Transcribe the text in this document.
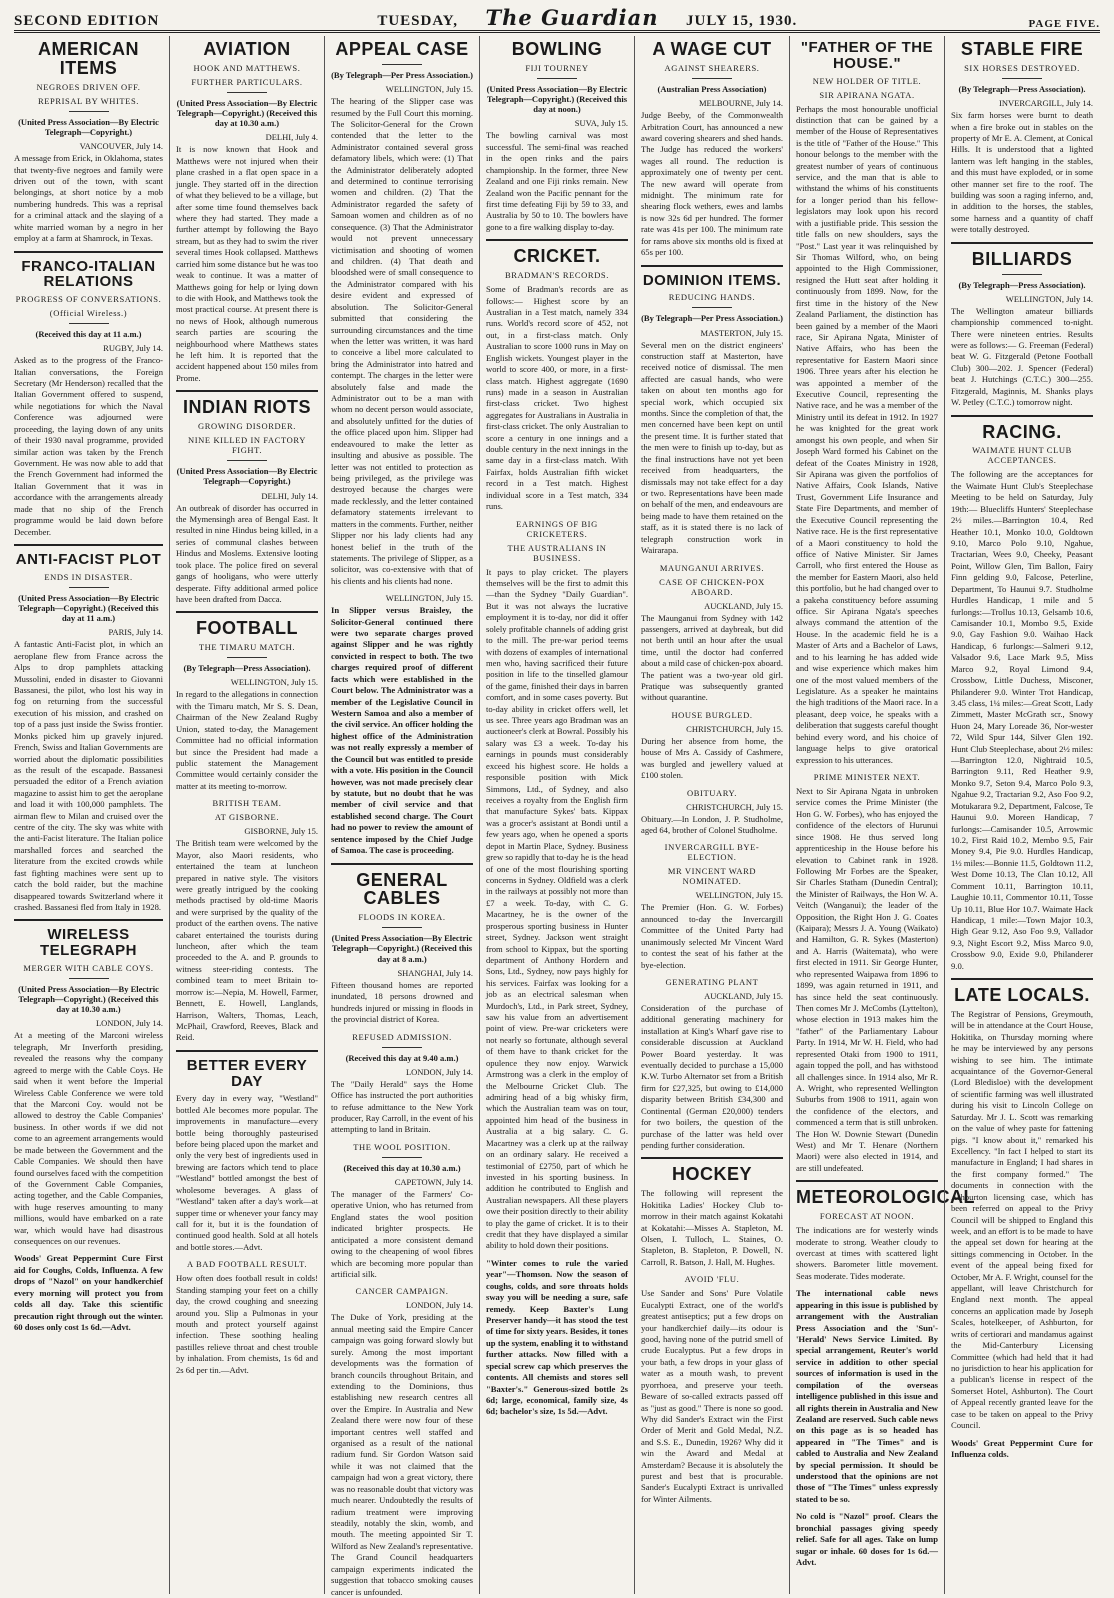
SECOND EDITION	TUESDAY, The Guardian JULY 15, 1930.	PAGE FIVE.
AMERICAN ITEMS
NEGROES DRIVEN OFF.
REPRISAL BY WHITES.
(United Press Association—By Electric Telegraph—Copyright.)
VANCOUVER, July 14.
A message from Erick, in Oklahoma, states that twenty-five negroes and family were driven out of the town, with scant belongings, at short notice by a mob numbering hundreds. This was a reprisal for a criminal attack and the slaying of a white married woman by a negro in her employ at a farm at Shamrock, in Texas.
FRANCO-ITALIAN RELATIONS
PROGRESS OF CONVERSATIONS.
(Official Wireless.)
(Received this day at 11 a.m.)
RUGBY, July 14.
Asked as to the progress of the Franco-Italian conversations, the Foreign Secretary (Mr Henderson) recalled that the Italian Government offered to suspend, while negotiations for which the Naval Conference was adjourned were proceeding, the laying down of any units of their 1930 naval programme, provided similar action was taken by the French Government. He was now able to add that the French Government had informed the Italian Government that it was in accordance with the arrangements already made that no ship of the French programme would be laid down before December.
ANTI-FACIST PLOT
ENDS IN DISASTER.
(United Press Association—By Electric Telegraph—Copyright.) (Received this day at 11 a.m.)
PARIS, July 14.
A fantastic Anti-Facist plot, in which an aeroplane flew from France across the Alps to drop pamphlets attacking Mussolini, ended in disaster to Giovanni Bassanesi, the pilot, who lost his way in fog on returning from the successful execution of his mission, and crashed on top of a pass just inside the Swiss frontier. Monks picked him up gravely injured. French, Swiss and Italian Governments are worried about the diplomatic possibilities as the result of the escapade. Bassanesi persuaded the editor of a French aviation magazine to assist him to get the aeroplane and load it with 100,000 pamphlets. The airman flew to Milan and cruised over the centre of the city. The sky was white with the anti-Facist literature. The Italian police marshalled forces and searched the literature from the excited crowds while fast fighting machines were sent up to catch the bold raider, but the machine disappeared towards Switzerland where it crashed. Bassanesi fled from Italy in 1928.
WIRELESS TELEGRAPH
MERGER WITH CABLE COYS.
(United Press Association—By Electric Telegraph—Copyright.) (Received this day at 10.30 a.m.)
LONDON, July 14.
At a meeting of the Marconi wireless telegraph, Mr Inverforth presiding, revealed the reasons why the company agreed to merge with the Cable Coys. He said when it went before the Imperial Wireless Cable Conference we were told that the Marconi Coy. would not be allowed to destroy the Cable Companies' business. In other words if we did not come to an agreement arrangements would be made between the Government and the Cable Companies. We should then have found ourselves faced with the competition of the Government Cable Companies, acting together, and the Cable Companies, with huge reserves amounting to many millions, would have embarked on a rate war, which would have had disastrous consequences on our revenues.
Woods' Great Peppermint Cure First aid for Coughs, Colds, Influenza. A few drops of "Nazol" on your handkerchief every morning will protect you from colds all day. Take this scientific precaution right through out the winter. 60 doses only cost 1s 6d.—Advt.
AVIATION
HOOK AND MATTHEWS.
FURTHER PARTICULARS.
(United Press Association—By Electric Telegraph—Copyright.) (Received this day at 10.30 a.m.)
DELHI, July 4.
It is now known that Hook and Matthews were not injured when their plane crashed in a flat open space in a jungle. They started off in the direction of what they believed to be a village, but after some time found themselves back where they had started. They made a further attempt by following the Bayo stream, but as they had to swim the river several times Hook collapsed. Matthews carried him some distance but he was too weak to continue. It was a matter of Matthews going for help or lying down to die with Hook, and Matthews took the most practical course. At present there is no news of Hook, although numerous search parties are scouring the neighbourhood where Matthews states he left him. It is reported that the accident happened about 150 miles from Prome.
INDIAN RIOTS
GROWING DISORDER.
NINE KILLED IN FACTORY FIGHT.
(United Press Association—By Electric Telegraph—Copyright.)
DELHI, July 14.
An outbreak of disorder has occurred in the Mymensingh area of Bengal East. It resulted in nine Hindus being killed, in a series of communal clashes between Hindus and Moslems. Extensive looting took place. The police fired on several gangs of hooligans, who were utterly desperate. Fifty additional armed police have been drafted from Dacca.
FOOTBALL
THE TIMARU MATCH.
(By Telegraph—Press Association).
WELLINGTON, July 15.
In regard to the allegations in connection with the Timaru match, Mr S. S. Dean, Chairman of the New Zealand Rugby Union, stated to-day, the Management Committee had no official information but since the President had made a public statement the Management Committee would certainly consider the matter at its meeting to-morrow.
BRITISH TEAM.
AT GISBORNE.
GISBORNE, July 15.
The British team were welcomed by the Mayor, also Maori residents, who entertained the team at luncheon prepared in native style. The visitors were greatly intrigued by the cooking methods practised by old-time Maoris and were surprised by the quality of the product of the earthen ovens. The native cabaret entertained the tourists during luncheon, after which the team proceeded to the A. and P. grounds to witness steer-riding contests. The combined team to meet Britain to-morrow is:—Nepia, M. Howell, Farmer, Bennett, E. Howell, Langlands, Harrison, Walters, Thomas, Leach, McPhail, Crawford, Reeves, Black and Reid.
BETTER EVERY DAY
Every day in every way, "Westland" bottled Ale becomes more popular. The improvements in manufacture—every bottle being thoroughly pasteurised before being placed upon the market and only the very best of ingredients used in brewing are factors which tend to place "Westland" bottled amongst the best of wholesome beverages. A glass of "Westland" taken after a day's work—at supper time or whenever your fancy may call for it, but it is the foundation of continued good health. Sold at all hotels and bottle stores.—Advt.
A BAD FOOTBALL RESULT.
How often does football result in colds! Standing stamping your feet on a chilly day, the crowd coughing and sneezing around you. Slip a Pulmonas in your mouth and protect yourself against infection. These soothing healing pastilles relieve throat and chest trouble by inhalation. From chemists, 1s 6d and 2s 6d per tin.—Advt.
APPEAL CASE
(By Telegraph—Per Press Association.)
WELLINGTON, July 15.
The hearing of the Slipper case was resumed by the Full Court this morning. The Solicitor-General for the Crown contended that the letter to the Administrator contained several gross defamatory libels, which were: (1) That the Administrator deliberately adopted and determined to continue terrorising women and children. (2) That the Administrator regarded the safety of Samoan women and children as of no consequence. (3) That the Administrator would not prevent unnecessary victimisation and shooting of women and children. (4) That death and bloodshed were of small consequence to the Administrator compared with his desire evident and expressed of absolution. The Solicitor-General submitted that considering the surrounding circumstances and the time when the letter was written, it was hard to conceive a libel more calculated to bring the Administrator into hatred and contempt. The charges in the letter were absolutely false and made the Administrator out to be a man with whom no decent person would associate, and absolutely unfitted for the duties of the office placed upon him. Slipper had endeavoured to make the letter as insulting and abusive as possible. The letter was not entitled to protection as being privileged, as the privilege was destroyed because the charges were made recklessly, and the letter contained defamatory statements irrelevant to matters in the comments. Further, neither Slipper nor his lady clients had any honest belief in the truth of the statements. The privilege of Slipper, as a solicitor, was co-extensive with that of his clients and his clients had none.
WELLINGTON, July 15.
In Slipper versus Braisley, the Solicitor-General continued there were two separate charges proved against Slipper and he was rightly convicted in respect to both. The two charges required proof of different facts which were established in the Court below. The Administrator was a member of the Legislative Council in Western Samoa and also a member of the civil service. An officer holding the highest office of the Administration was not really expressly a member of the Council but was entitled to preside with a vote. His position in the Council however, was not made precisely clear by statute, but no doubt that he was member of civil service and that established second charge. The Court had no power to review the amount of sentence imposed by the Chief Judge of Samoa. The case is proceeding.
GENERAL CABLES
FLOODS IN KOREA.
(United Press Association—By Electric Telegraph—Copyright.) (Received this day at 8 a.m.)
SHANGHAI, July 14.
Fifteen thousand homes are reported inundated, 18 persons drowned and hundreds injured or missing in floods in the provincial district of Korea.
REFUSED ADMISSION.
(Received this day at 9.40 a.m.)
LONDON, July 14.
The "Daily Herald" says the Home Office has instructed the port authorities to refuse admittance to the New York producer, Ray Carroll, in the event of his attempting to land in Britain.
THE WOOL POSITION.
(Received this day at 10.30 a.m.)
CAPETOWN, July 14.
The manager of the Farmers' Co-operative Union, who has returned from England states the wool position indicated brighter prospects. He anticipated a more consistent demand owing to the cheapening of wool fibres which are becoming more popular than artificial silk.
CANCER CAMPAIGN.
LONDON, July 14.
The Duke of York, presiding at the annual meeting said the Empire Cancer campaign was going forward slowly but surely. Among the most important developments was the formation of branch councils throughout Britain, and extending to the Dominions, thus establishing new research centres all over the Empire. In Australia and New Zealand there were now four of these important centres well staffed and organised as a result of the national radium fund. Sir Gordon Watson said while it was not claimed that the campaign had won a great victory, there was no reasonable doubt that victory was much nearer. Undoubtedly the results of radium treatment were improving steadily, notably the skin, womb, and mouth. The meeting appointed Sir T. Wilford as New Zealand's representative. The Grand Council headquarters campaign experiments indicated the suggestion that tobacco smoking causes cancer is unfounded.
BOWLING
FIJI TOURNEY
(United Press Association—By Electric Telegraph—Copyright.) (Received this day at noon.)
SUVA, July 15.
The bowling carnival was most successful. The semi-final was reached in the open rinks and the pairs championship. In the former, three New Zealand and one Fiji rinks remain. New Zealand won the Pacific pennant for the first time defeating Fiji by 59 to 33, and Australia by 50 to 10. The bowlers have gone to a fire walking display to-day.
CRICKET.
BRADMAN'S RECORDS.
Some of Bradman's records are as follows:— Highest score by an Australian in a Test match, namely 334 runs. World's record score of 452, not out, in a first-class match. Only Australian to score 1000 runs in May on English wickets. Youngest player in the world to score 400, or more, in a first-class match. Highest aggregate (1690 runs) made in a season in Australian first-class cricket. Two highest aggregates for Australians in Australia in first-class cricket. The only Australian to score a century in one innings and a double century in the next innings in the same day in a first-class match. With Fairfax, holds Australian fifth wicket record in a Test match. Highest individual score in a Test match, 334 runs.
EARNINGS OF BIG CRICKETERS.
THE AUSTRALIANS IN BUSINESS.
It pays to play cricket. The players themselves will be the first to admit this—than the Sydney "Daily Guardian". But it was not always the lucrative employment it is to-day, nor did it offer solely profitable channels of adding grist to the mill. The pre-war period teems with dozens of examples of international men who, having sacrificed their future position in life to the tinselled glamour of the game, finished their days in barren comfort, and in some cases poverty. But to-day ability in cricket offers well, let us see. Three years ago Bradman was an auctioneer's clerk at Bowral. Possibly his salary was £3 a week. To-day his earnings in pounds must considerably exceed his highest score. He holds a responsible position with Mick Simmons, Ltd., of Sydney, and also receives a royalty from the English firm that manufacture Sykes' bats. Kippax was a grocer's assistant at Bondi until a few years ago, when he opened a sports depot in Martin Place, Sydney. Business grew so rapidly that to-day he is the head of one of the most flourishing sporting concerns in Sydney. Oldfield was a clerk in the railways at possibly not more than £7 a week. To-day, with C. G. Macartney, he is the owner of the prosperous sporting business in Hunter street, Sydney. Jackson went straight from school to Kippax, but the sporting department of Anthony Hordern and Sons, Ltd., Sydney, now pays highly for his services. Fairfax was looking for a job as an electrical salesman when Murdoch's, Ltd., in Park street, Sydney, saw his value from an advertisement point of view. Pre-war cricketers were not nearly so fortunate, although several of them have to thank cricket for the opulence they now enjoy. Warwick Armstrong was a clerk in the employ of the Melbourne Cricket Club. The admiring head of a big whisky firm, which the Australian team was on tour, appointed him head of the business in Australia at a big salary. C. G. Macartney was a clerk up at the railway on an ordinary salary. He received a testimonial of £2750, part of which he invested in his sporting business. In addition he contributed to English and Australian newspapers. All these players owe their position directly to their ability to play the game of cricket. It is to their credit that they have displayed a similar ability to hold down their positions.
"Winter comes to rule the varied year"—Thomson. Now the season of coughs, colds, and sore throats holds sway you will be needing a sure, safe remedy. Keep Baxter's Lung Preserver handy—it has stood the test of time for sixty years. Besides, it tones up the system, enabling it to withstand further attacks. Now filled with a special screw cap which preserves the contents. All chemists and stores sell "Baxter's." Generous-sized bottle 2s 6d; large, economical, family size, 4s 6d; bachelor's size, 1s 5d.—Advt.
A WAGE CUT
AGAINST SHEARERS.
(Australian Press Association)
MELBOURNE, July 14.
Judge Beeby, of the Commonwealth Arbitration Court, has announced a new award covering shearers and shed hands. The Judge has reduced the workers' wages all round. The reduction is approximately one of twenty per cent. The new award will operate from midnight. The minimum rate for shearing flock wethers, ewes and lambs is now 32s 6d per hundred. The former rate was 41s per 100. The minimum rate for rams above six months old is fixed at 65s per 100.
DOMINION ITEMS.
REDUCING HANDS.
(By Telegraph—Per Press Association.)
MASTERTON, July 15.
Several men on the district engineers' construction staff at Masterton, have received notice of dismissal. The men affected are casual hands, who were taken on about ten months ago for special work, which occupied six months. Since the completion of that, the men concerned have been kept on until the present time. It is further stated that the men were to finish up to-day, but as the final instructions have not yet been received from headquarters, the dismissals may not take effect for a day or two. Representations have been made on behalf of the men, and endeavours are being made to have them retained on the staff, as it is stated there is no lack of telegraph construction work in Wairarapa.
MAUNGANUI ARRIVES.
CASE OF CHICKEN-POX ABOARD.
AUCKLAND, July 15.
The Maunganui from Sydney with 142 passengers, arrived at daybreak, but did not berth until an hour after the usual time, until the doctor had conferred about a mild case of chicken-pox aboard. The patient was a two-year old girl. Pratique was subsequently granted without quarantine.
HOUSE BURGLED.
CHRISTCHURCH, July 15.
During her absence from home, the house of Mrs A. Cassidy of Cashmere, was burgled and jewellery valued at £100 stolen.
OBITUARY.
CHRISTCHURCH, July 15.
Obituary.—In London, J. P. Studholme, aged 64, brother of Colonel Studholme.
INVERCARGILL BYE-ELECTION.
MR VINCENT WARD NOMINATED.
WELLINGTON, July 15.
The Premier (Hon. G. W. Forbes) announced to-day the Invercargill Committee of the United Party had unanimously selected Mr Vincent Ward to contest the seat of his father at the bye-election.
GENERATING PLANT
AUCKLAND, July 15.
Consideration of the purchase of additional generating machinery for installation at King's Wharf gave rise to considerable discussion at Auckland Power Board yesterday. It was eventually decided to purchase a 15,000 K.W. Turbo Alternator set from a British firm for £27,325, but owing to £14,000 disparity between British £34,300 and Continental (German £20,000) tenders for two boilers, the question of the purchase of the latter was held over pending further consideration.
HOCKEY
The following will represent the Hokitika Ladies' Hockey Club to-morrow in their match against Kokatahi at Kokatahi:—Misses A. Stapleton, M. Olsen, I. Tulloch, L. Staines, O. Stapleton, B. Stapleton, P. Dowell, N. Carroll, R. Batson, J. Hall, M. Hughes.
AVOID 'FLU.
Use Sander and Sons' Pure Volatile Eucalypti Extract, one of the world's greatest antiseptics; put a few drops on your handkerchief daily—its odour is good, having none of the putrid smell of crude Eucalyptus. Put a few drops in your bath, a few drops in your glass of water as a mouth wash, to prevent pyorrhoea, and preserve your teeth. Beware of so-called extracts passed off as "just as good." There is none so good. Why did Sander's Extract win the First Order of Merit and Gold Medal, N.Z. and S.S. E., Dunedin, 1926? Why did it win the Award and Medal at Amsterdam? Because it is absolutely the purest and best that is procurable. Sander's Eucalypti Extract is unrivalled for Winter Ailments.
"FATHER OF THE HOUSE."
NEW HOLDER OF TITLE.
SIR APIRANA NGATA.
Perhaps the most honourable unofficial distinction that can be gained by a member of the House of Representatives is the title of "Father of the House." This honour belongs to the member with the greatest number of years of continuous service, and the man that is able to withstand the whims of his constituents for a longer period than his fellow-legislators may look upon his record with a justifiable pride. This session the title falls on new shoulders, says the "Post." Last year it was relinquished by Sir Thomas Wilford, who, on being appointed to the High Commissioner, resigned the Hutt seat after holding it continuously from 1899. Now, for the first time in the history of the New Zealand Parliament, the distinction has been gained by a member of the Maori race, Sir Apirana Ngata, Minister of Native Affairs, who has been the representative for Eastern Maori since 1906. Three years after his election he was appointed a member of the Executive Council, representing the Native race, and he was a member of the Ministry until its defeat in 1912. In 1927 he was knighted for the great work amongst his own people, and when Sir Joseph Ward formed his Cabinet on the defeat of the Coates Ministry in 1928, Sir Apirana was given the portfolios of Native Affairs, Cook Islands, Native Trust, Government Life Insurance and State Fire Departments, and member of the Executive Council representing the Native race. He is the first representative of a Maori constituency to hold the office of Native Minister. Sir James Carroll, who first entered the House as the member for Eastern Maori, also held this portfolio, but he had changed over to a pakeha constituency before assuming office. Sir Apirana Ngata's speeches always command the attention of the House. In the academic field he is a Master of Arts and a Bachelor of Laws, and to his learning he has added wide and wise experience which makes him one of the most valued members of the Legislature. As a speaker he maintains the high traditions of the Maori race. In a pleasant, deep voice, he speaks with a deliberation that suggests careful thought behind every word, and his choice of language helps to give oratorical expression to his utterances.
PRIME MINISTER NEXT.
Next to Sir Apirana Ngata in unbroken service comes the Prime Minister (the Hon G. W. Forbes), who has enjoyed the confidence of the electors of Hurunui since 1908. He thus served long apprenticeship in the House before his elevation to Cabinet rank in 1928. Following Mr Forbes are the Speaker, Sir Charles Statham (Dunedin Central); the Minister of Railways, the Hon W. A. Veitch (Wanganui); the leader of the Opposition, the Right Hon J. G. Coates (Kaipara); Messrs J. A. Young (Waikato) and Hamilton, G. R. Sykes (Masterton) and A. Harris (Waitemata), who were first elected in 1911. Sir George Hunter, who represented Waipawa from 1896 to 1899, was again returned in 1911, and has since held the seat continuously. Then comes Mr J. McCombs (Lyttelton), whose election in 1913 makes him the "father" of the Parliamentary Labour Party. In 1914, Mr W. H. Field, who had represented Otaki from 1900 to 1911, again topped the poll, and has withstood all challenges since. In 1914 also, Mr R. A. Wright, who represented Wellington Suburbs from 1908 to 1911, again won the confidence of the electors, and commenced a term that is still unbroken. The Hon W. Downie Stewart (Dunedin West) and Mr T. Henare (Northern Maori) were also elected in 1914, and are still undefeated.
METEOROLOGICAL
FORECAST AT NOON.
The indications are for westerly winds moderate to strong. Weather cloudy to overcast at times with scattered light showers. Barometer little movement. Seas moderate. Tides moderate.
The international cable news appearing in this issue is published by arrangement with the Australian Press Association and the 'Sun'-'Herald' News Service Limited. By special arrangement, Reuter's world service in addition to other special sources of information is used in the compilation of the overseas intelligence published in this issue and all rights therein in Australia and New Zealand are reserved. Such cable news on this page as is so headed has appeared in "The Times" and is cabled to Australia and New Zealand by special permission. It should be understood that the opinions are not those of "The Times" unless expressly stated to be so.
No cold is "Nazol" proof. Clears the bronchial passages giving speedy relief. Safe for all ages. Take on lump sugar or inhale. 60 doses for 1s 6d.—Advt.
STABLE FIRE
SIX HORSES DESTROYED.
(By Telegraph—Press Association).
INVERCARGILL, July 14.
Six farm horses were burnt to death when a fire broke out in stables on the property of Mr E. A. Clement, at Conical Hills. It is understood that a lighted lantern was left hanging in the stables, and this must have exploded, or in some other manner set fire to the roof. The building was soon a raging inferno, and, in addition to the horses, the stables, some harness and a quantity of chaff were totally destroyed.
BILLIARDS
(By Telegraph—Press Association).
WELLINGTON, July 14.
The Wellington amateur billiards championship commenced to-night. There were nineteen entries. Results were as follows:— G. Freeman (Federal) beat W. G. Fitzgerald (Petone Football Club) 300—202. J. Spencer (Federal) beat J. Hutchings (C.T.C.) 300—255. Fitzgerald, Maginnis, M. Shanks plays W. Petley (C.T.C.) tomorrow night.
RACING.
WAIMATE HUNT CLUB ACCEPTANCES.
The following are the acceptances for the Waimate Hunt Club's Steeplechase Meeting to be held on Saturday, July 19th:— Bluecliffs Hunters' Steeplechase 2½ miles.—Barrington 10.4, Red Heather 10.1, Monko 10.0, Goldtown 9.10, Marco Polo 9.10, Ngahue, Tractarian, Wees 9.0, Cheeky, Peasant Point, Willow Glen, Tim Ballon, Fairy Finn gelding 9.0, Falcose, Peterline, Department, To Haunui 9.7. Studholme Hurdles Handicap, 1 mile and 5 furlongs:—Trollus 10.13, Gelsamb 10.6, Camisander 10.1, Mombo 9.5, Exide 9.0, Gay Fashion 9.0. Waihao Hack Handicap, 6 furlongs:—Salmeri 9.12, Valsador 9.6, Lace Mark 9.5, Miss Marco 9.2, Royal Limond 9.4, Crossbow, Little Duchess, Misconer, Philanderer 9.0. Winter Trot Handicap, 3.45 class, 1¼ miles:—Great Scott, Lady Zimmett, Master McGrath scr., Snowy Huon 24, Mary Loreade 36, Nor-wester 72, Wild Spur 144, Silver Glen 192. Hunt Club Steeplechase, about 2½ miles:—Barrington 12.0, Nightraid 10.5, Barrington 9.11, Red Heather 9.9, Monko 9.7, Seton 9.4, Marco Polo 9.3, Ngahue 9.2, Tractarian 9.2, Aso Foo 9.2, Motukarara 9.2, Department, Falcose, Te Haunui 9.0. Moreen Handicap, 7 furlongs:—Camisander 10.5, Arrowmic 10.2, First Raid 10.2, Membo 9.5, Fair Money 9.4, Pie 9.0. Hurdles Handicap, 1½ miles:—Bonnie 11.5, Goldtown 11.2, West Dome 10.13, The Clan 10.12, All Comment 10.11, Barrington 10.11, Laughie 10.11, Commentor 10.11, Tosse Up 10.11, Blue Hor 10.7. Waimate Hack Handicap, 1 mile:—Town Major 10.3, High Gear 9.12, Aso Foo 9.9, Vallador 9.3, Night Escort 9.2, Miss Marco 9.0, Crossbow 9.0, Exide 9.0, Philanderer 9.0.
LATE LOCALS.
The Registrar of Pensions, Greymouth, will be in attendance at the Court House, Hokitika, on Thursday morning where he may be interviewed by any persons wishing to see him. The intimate acquaintance of the Governor-General (Lord Bledisloe) with the development of scientific farming was well illustrated during his visit to Lincoln College on Saturday. Mr J. L. Scott was remarking on the value of whey paste for fattening pigs. "I know about it," remarked his Excellency. "In fact I helped to start its manufacture in England; I had shares in the first company formed." The documents in connection with the Ashburton licensing case, which has been referred on appeal to the Privy Council will be shipped to England this week, and an effort is to be made to have the appeal set down for hearing at the sittings commencing in October. In the event of the appeal being fixed for October, Mr A. F. Wright, counsel for the appellant, will leave Christchurch for England next month. The appeal concerns an application made by Joseph Scales, hotelkeeper, of Ashburton, for writs of certiorari and mandamus against the Mid-Canterbury Licensing Committee (which had held that it had no jurisdiction to hear his application for a publican's license in respect of the Somerset Hotel, Ashburton). The Court of Appeal recently granted leave for the case to be taken on appeal to the Privy Council.
Woods' Great Peppermint Cure for Influenza colds.
